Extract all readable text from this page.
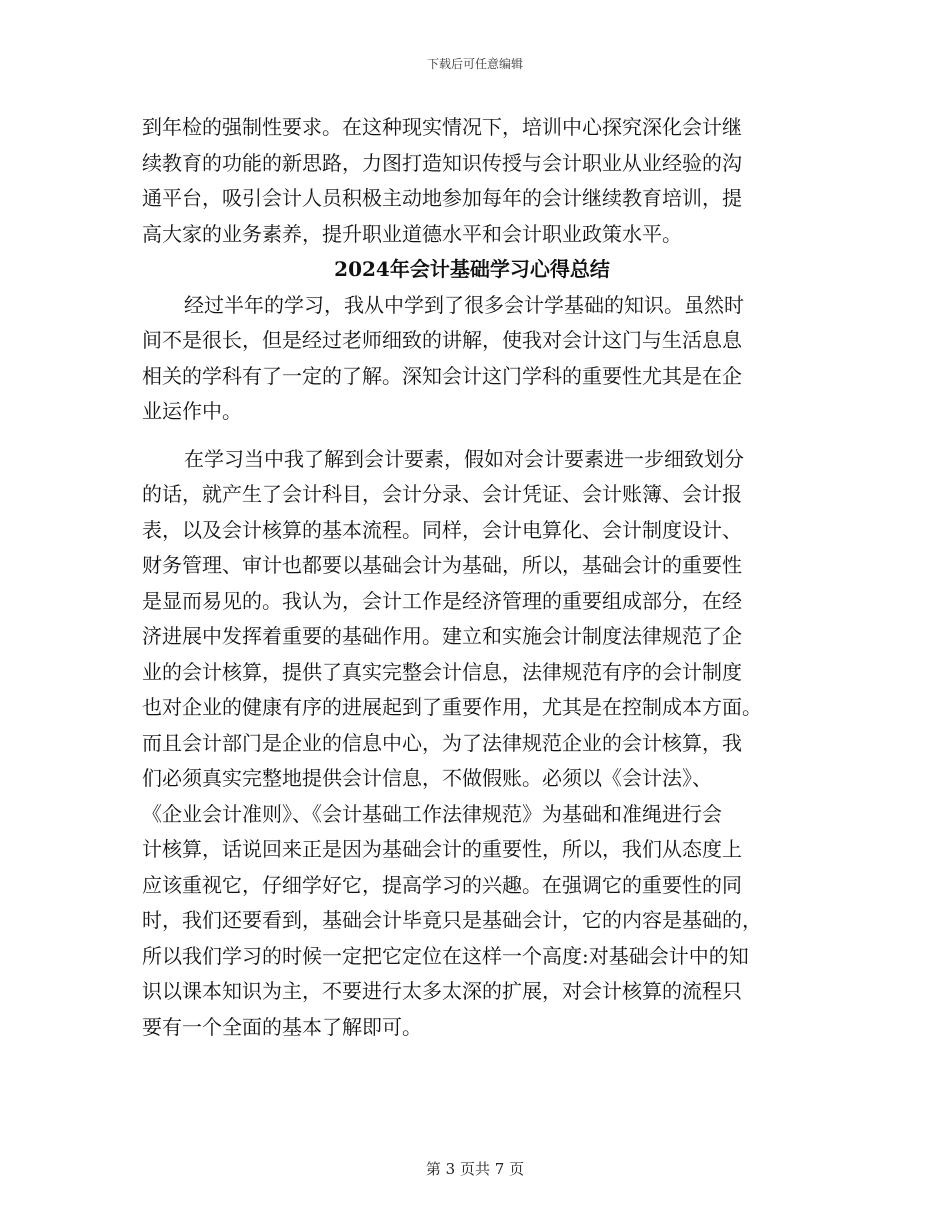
下载后可任意编辑
到年检的强制性要求。在这种现实情况下，培训中心探究深化会计继
续教育的功能的新思路，力图打造知识传授与会计职业从业经验的沟
通平台，吸引会计人员积极主动地参加每年的会计继续教育培训，提
高大家的业务素养，提升职业道德水平和会计职业政策水平。
2024年会计基础学习心得总结
经过半年的学习，我从中学到了很多会计学基础的知识。虽然时
间不是很长，但是经过老师细致的讲解，使我对会计这门与生活息息
相关的学科有了一定的了解。深知会计这门学科的重要性尤其是在企
业运作中。
在学习当中我了解到会计要素，假如对会计要素进一步细致划分
的话，就产生了会计科目，会计分录、会计凭证、会计账簿、会计报
表，以及会计核算的基本流程。同样，会计电算化、会计制度设计、
财务管理、审计也都要以基础会计为基础，所以，基础会计的重要性
是显而易见的。我认为，会计工作是经济管理的重要组成部分，在经
济进展中发挥着重要的基础作用。建立和实施会计制度法律规范了企
业的会计核算，提供了真实完整会计信息，法律规范有序的会计制度
也对企业的健康有序的进展起到了重要作用，尤其是在控制成本方面。
而且会计部门是企业的信息中心，为了法律规范企业的会计核算，我
们必须真实完整地提供会计信息，不做假账。必须以《会计法》、
《企业会计准则》、《会计基础工作法律规范》为基础和准绳进行会
计核算，话说回来正是因为基础会计的重要性，所以，我们从态度上
应该重视它，仔细学好它，提高学习的兴趣。在强调它的重要性的同
时，我们还要看到，基础会计毕竟只是基础会计，它的内容是基础的，
所以我们学习的时候一定把它定位在这样一个高度:对基础会计中的知
识以课本知识为主，不要进行太多太深的扩展，对会计核算的流程只
要有一个全面的基本了解即可。
第 3 页共 7 页
